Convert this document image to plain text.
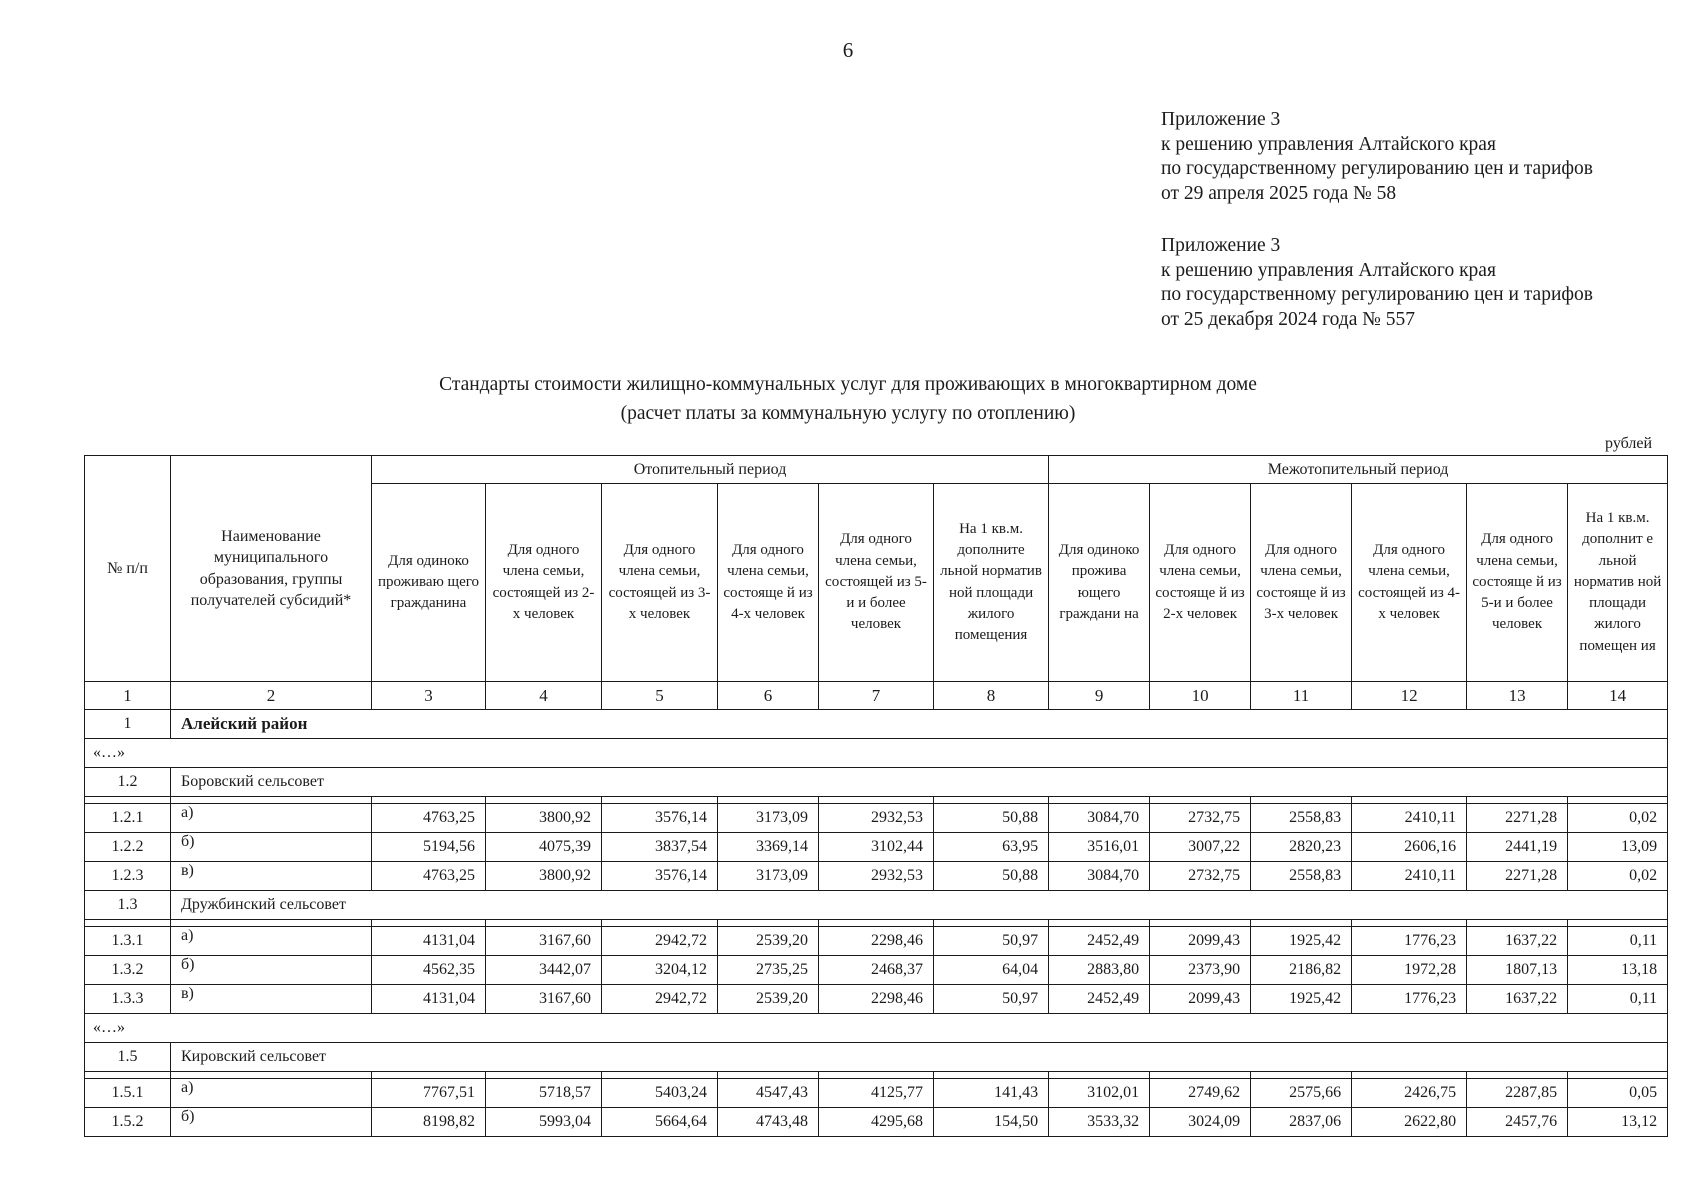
6
Приложение 3
к решению управления Алтайского края
по государственному регулированию цен и тарифов
от 29 апреля 2025 года № 58
Приложение 3
к решению управления Алтайского края
по государственному регулированию цен и тарифов
от 25 декабря 2024 года № 557
Стандарты стоимости жилищно-коммунальных услуг для проживающих в многоквартирном доме
(расчет платы за коммунальную услугу по отоплению)
рублей
№ п/п	Наименование муниципального образования, группы получателей субсидий*	Отопительный период						Межотопительный период					
		Для одиноко проживаю щего гражданина	Для одного члена семьи, состоящей из 2-х человек	Для одного члена семьи, состоящей из 3-х человек	Для одного члена семьи, состояще й из 4-х человек	Для одного члена семьи, состоящей из 5-и и более человек	На 1 кв.м. дополните льной норматив ной площади жилого помещения	Для одиноко прожива ющего граждани на	Для одного члена семьи, состояще й из 2-х человек	Для одного члена семьи, состояще й из 3-х человек	Для одного члена семьи, состоящей из 4-х человек	Для одного члена семьи, состояще й из 5-и и более человек	На 1 кв.м. дополнит е льной норматив ной площади жилого помещен ия
1	2	3	4	5	6	7	8	9	10	11	12	13	14
1	Алейский район												
«…»													
1.2	Боровский сельсовет												

1.2.1	а)	4763,25	3800,92	3576,14	3173,09	2932,53	50,88	3084,70	2732,75	2558,83	2410,11	2271,28	0,02
1.2.2	б)	5194,56	4075,39	3837,54	3369,14	3102,44	63,95	3516,01	3007,22	2820,23	2606,16	2441,19	13,09
1.2.3	в)	4763,25	3800,92	3576,14	3173,09	2932,53	50,88	3084,70	2732,75	2558,83	2410,11	2271,28	0,02
1.3	Дружбинский сельсовет												

1.3.1	а)	4131,04	3167,60	2942,72	2539,20	2298,46	50,97	2452,49	2099,43	1925,42	1776,23	1637,22	0,11
1.3.2	б)	4562,35	3442,07	3204,12	2735,25	2468,37	64,04	2883,80	2373,90	2186,82	1972,28	1807,13	13,18
1.3.3	в)	4131,04	3167,60	2942,72	2539,20	2298,46	50,97	2452,49	2099,43	1925,42	1776,23	1637,22	0,11
«…»													
1.5	Кировский сельсовет												

1.5.1	а)	7767,51	5718,57	5403,24	4547,43	4125,77	141,43	3102,01	2749,62	2575,66	2426,75	2287,85	0,05
1.5.2	б)	8198,82	5993,04	5664,64	4743,48	4295,68	154,50	3533,32	3024,09	2837,06	2622,80	2457,76	13,12
